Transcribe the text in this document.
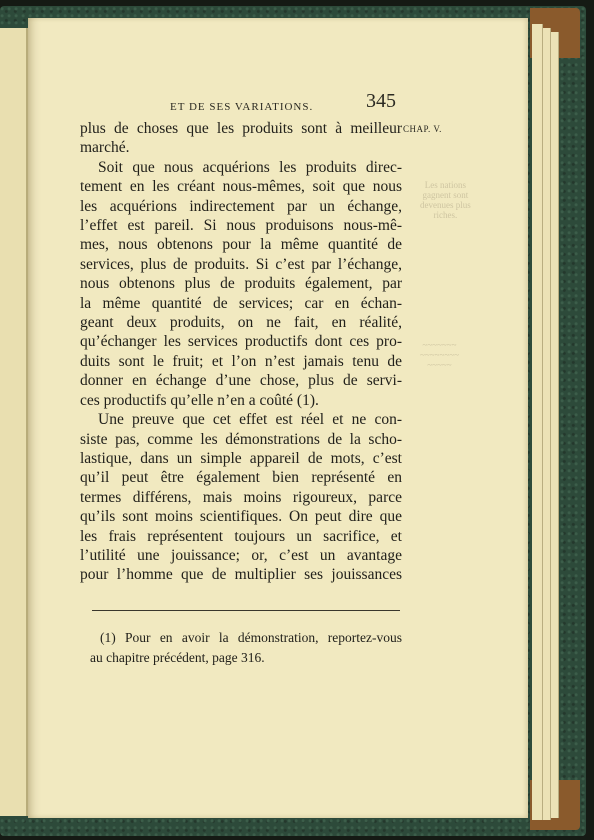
Les nations
gagnent sont
devenues plus
riches.
~~~~~~~
~~~~~~~~
~~~~~
ET DE SES VARIATIONS.	345
CHAP. V.
plus de choses que les produits sont à meilleur
marché.
Soit que nous acquérions les produits direc-
tement en les créant nous-mêmes, soit que nous
les acquérions indirectement par un échange,
l’effet est pareil. Si nous produisons nous-mê-
mes, nous obtenons pour la même quantité de
services, plus de produits. Si c’est par l’échange,
nous obtenons plus de produits également, par
la même quantité de services; car en échan-
geant deux produits, on ne fait, en réalité,
qu’échanger les services productifs dont ces pro-
duits sont le fruit; et l’on n’est jamais tenu de
donner en échange d’une chose, plus de servi-
ces productifs qu’elle n’en a coûté (1).
Une preuve que cet effet est réel et ne con-
siste pas, comme les démonstrations de la scho-
lastique, dans un simple appareil de mots, c’est
qu’il peut être également bien représenté en
termes différens, mais moins rigoureux, parce
qu’ils sont moins scientifiques. On peut dire que
les frais représentent toujours un sacrifice, et
l’utilité une jouissance; or, c’est un avantage
pour l’homme que de multiplier ses jouissances
(1) Pour en avoir la démonstration, reportez-vous
au chapitre précédent, page 316.
